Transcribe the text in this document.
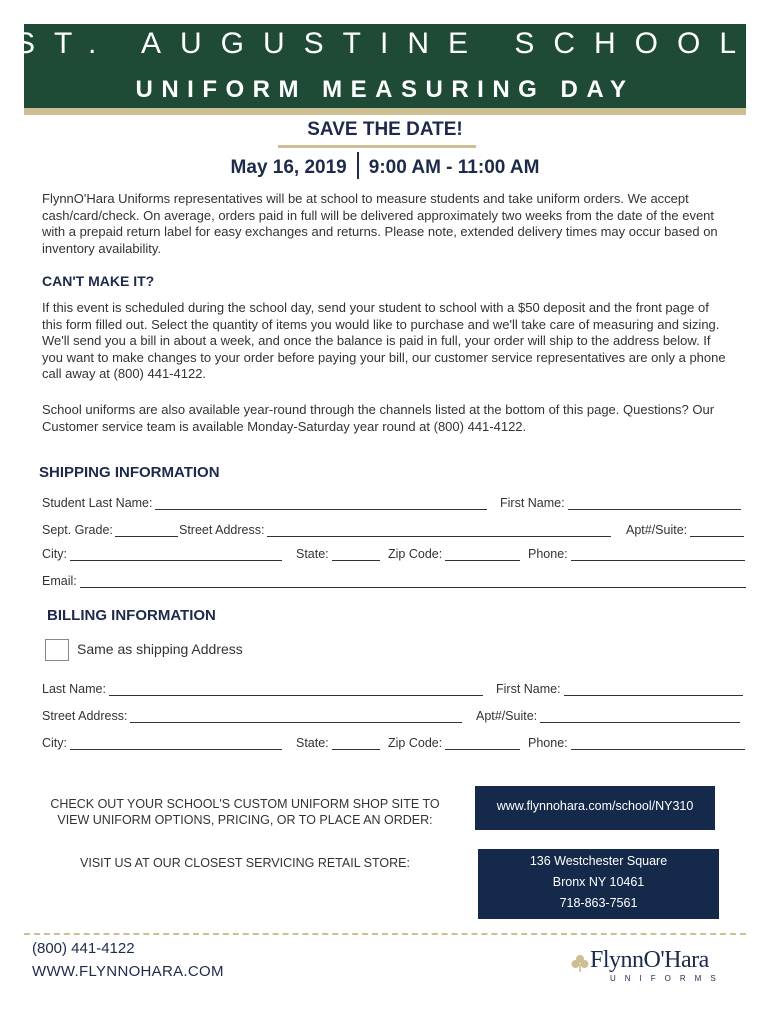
ST. AUGUSTINE SCHOOL
UNIFORM MEASURING DAY
SAVE THE DATE!
May 16, 2019 9:00 AM - 11:00 AM
FlynnO'Hara Uniforms representatives will be at school to measure students and take uniform orders. We accept cash/card/check. On average, orders paid in full will be delivered approximately two weeks from the date of the event with a prepaid return label for easy exchanges and returns. Please note, extended delivery times may occur based on inventory availability.
CAN'T MAKE IT?
If this event is scheduled during the school day, send your student to school with a $50 deposit and the front page of this form filled out. Select the quantity of items you would like to purchase and we'll take care of measuring and sizing. We'll send you a bill in about a week, and once the balance is paid in full, your order will ship to the address below. If you want to make changes to your order before paying your bill, our customer service representatives are only a phone call away at (800) 441-4122.
School uniforms are also available year-round through the channels listed at the bottom of this page. Questions? Our Customer service team is available Monday-Saturday year round at (800) 441-4122.
SHIPPING INFORMATION
Student Last Name:	First Name:
Sept. Grade:	Street Address:	Apt#/Suite:
City:	State:	Zip Code:	Phone:
Email:
BILLING INFORMATION
Same as shipping Address
Last Name:	First Name:
Street Address:	Apt#/Suite:
City:	State:	Zip Code:	Phone:
CHECK OUT YOUR SCHOOL'S CUSTOM UNIFORM SHOP SITE TO
VIEW UNIFORM OPTIONS, PRICING, OR TO PLACE AN ORDER:
www.flynnohara.com/school/NY310
VISIT US AT OUR CLOSEST SERVICING RETAIL STORE:	136 Westchester Square
Bronx NY 10461
718-863-7561
(800) 441-4122
WWW.FLYNNOHARA.COM	FlynnO'Hara
UNIFORMS
